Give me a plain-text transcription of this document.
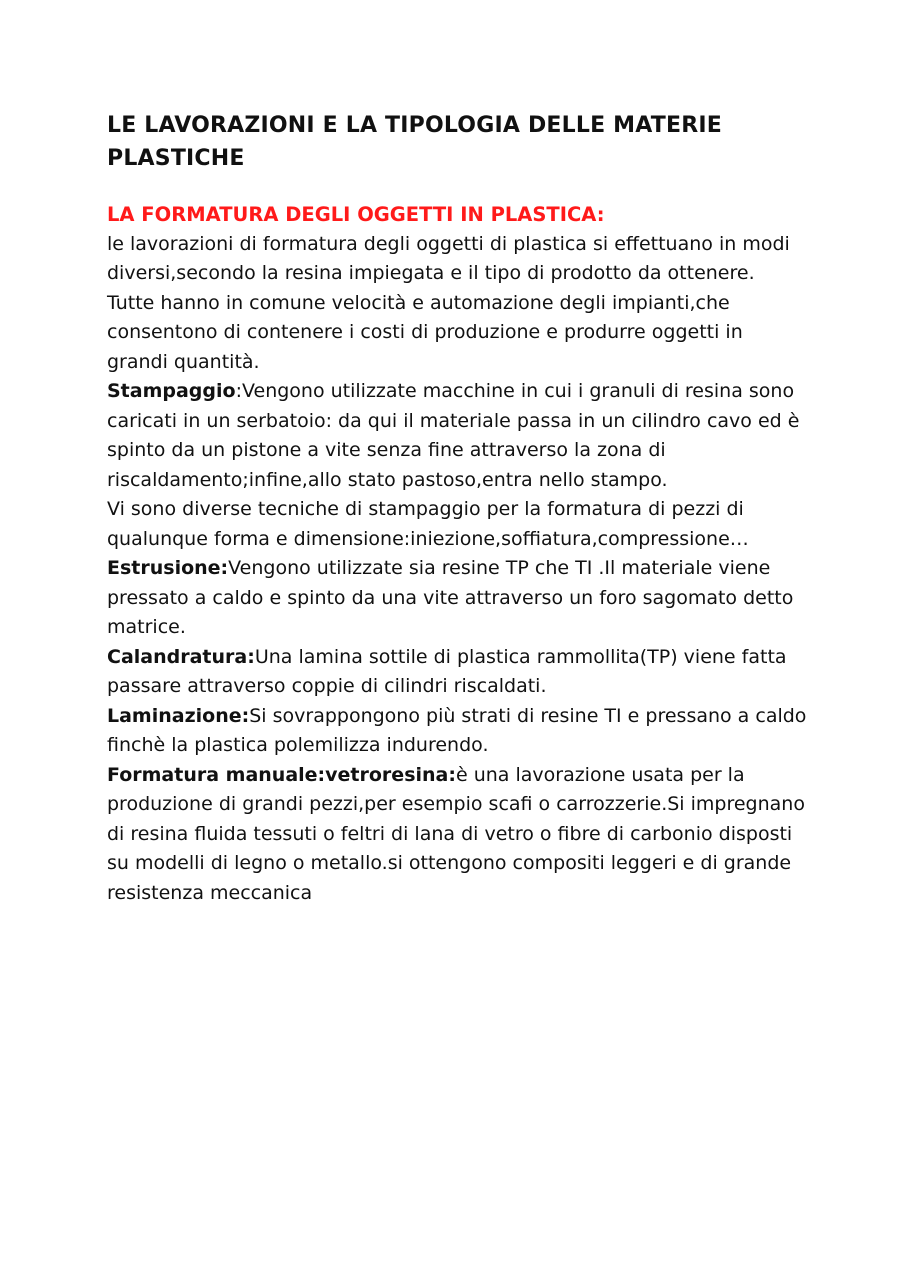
LE LAVORAZIONI E LA TIPOLOGIA DELLE MATERIE PLASTICHE

LA FORMATURA DEGLI OGGETTI IN PLASTICA:

le lavorazioni di formatura degli oggetti di plastica si effettuano in modi diversi,secondo la resina impiegata e il tipo di prodotto da ottenere.

Tutte hanno in comune velocità e automazione degli impianti,che consentono di contenere i costi di produzione e produrre oggetti in grandi quantità.

Stampaggio:Vengono utilizzate macchine in cui i granuli di resina sono caricati in un serbatoio: da qui il materiale passa in un cilindro cavo ed è spinto da un pistone a vite senza fine attraverso la zona di riscaldamento;infine,allo stato pastoso,entra nello stampo.

Vi sono diverse tecniche di stampaggio per la formatura di pezzi di qualunque forma e dimensione:iniezione,soffiatura,compressione…

Estrusione:Vengono utilizzate sia resine TP che TI .Il materiale viene pressato a caldo e spinto da una vite attraverso un foro sagomato detto matrice.

Calandratura:Una lamina sottile di plastica rammollita(TP) viene fatta passare attraverso coppie di cilindri riscaldati.

Laminazione:Si sovrappongono più strati di resine TI e pressano a caldo finchè la plastica polemilizza indurendo.

Formatura manuale:vetroresina:è una lavorazione usata per la produzione di grandi pezzi,per esempio scafi o carrozzerie.Si impregnano di resina fluida tessuti o feltri di lana di vetro o fibre di carbonio disposti su modelli di legno o metallo.si ottengono compositi leggeri e di grande resistenza meccanica
